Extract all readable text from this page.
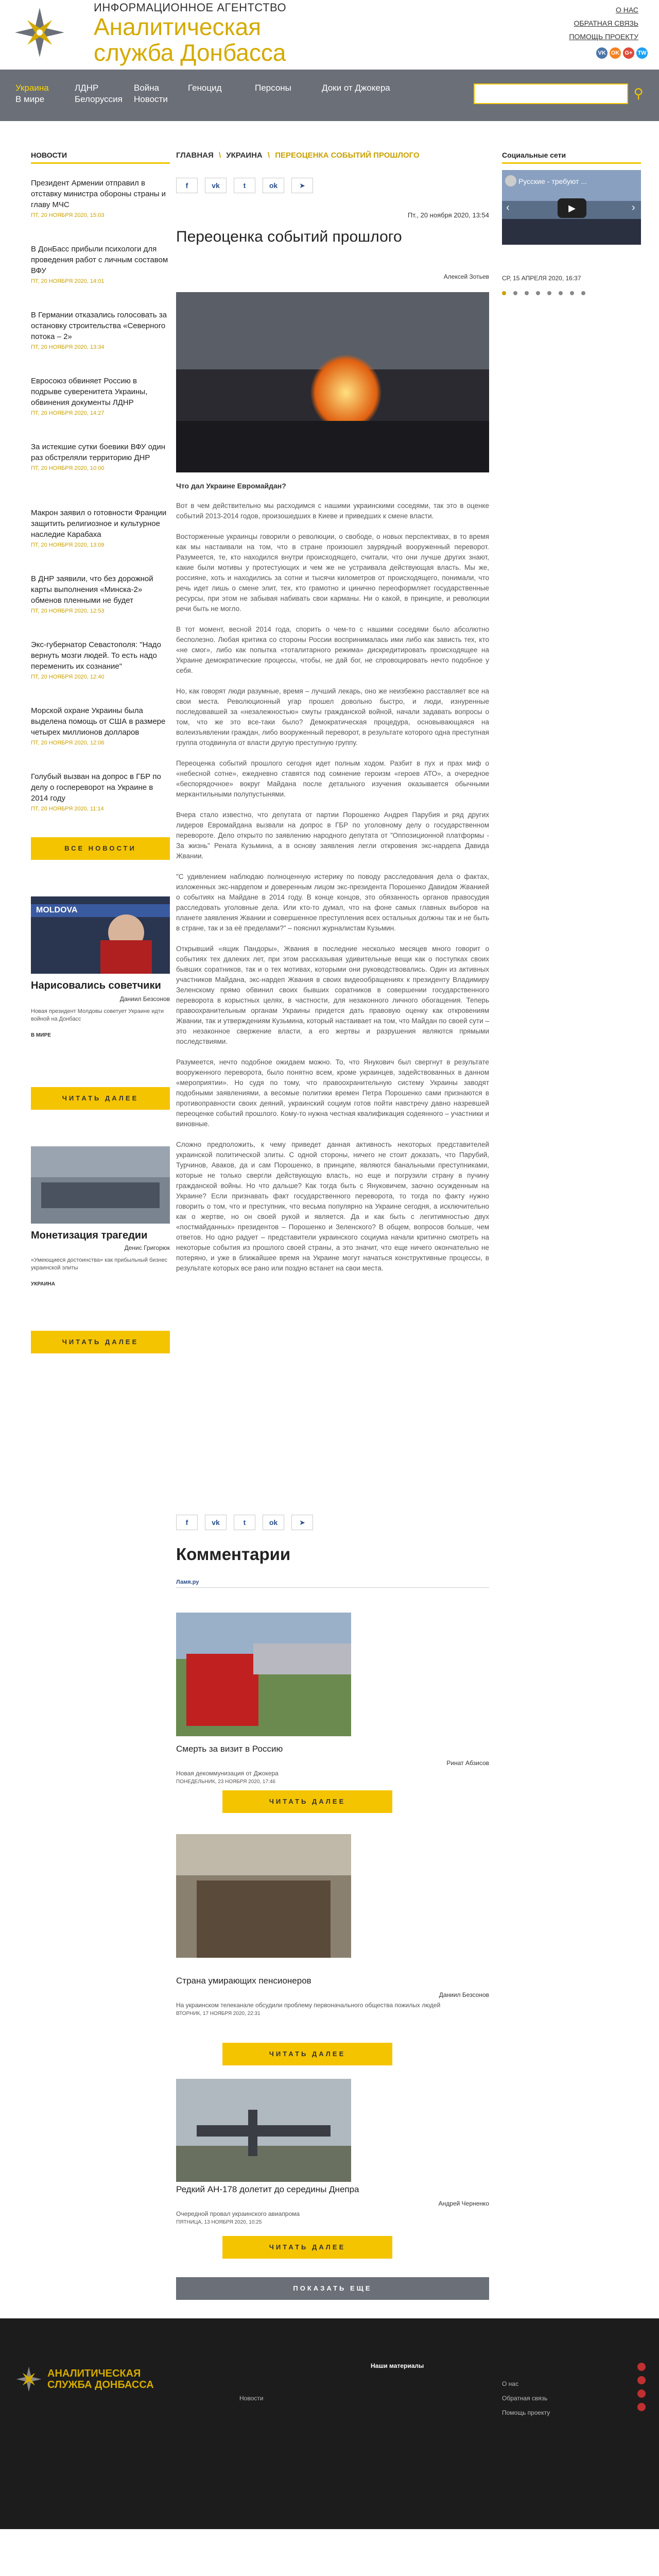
ИНФОРМАЦИОННОЕ АГЕНТСТВО
Аналитическая
служба Донбасса
О НАС
ОБРАТНАЯ СВЯЗЬ
ПОМОЩЬ ПРОЕКТУ
VK OK G+ TW
Украина
В мире
ЛДНР
Белоруссия
Война
Новости
Геноцид	Персоны	Доки от Джокера	⚲
НОВОСТИ
Президент Армении отправил в отставку министра обороны страны и главу МЧС
ПТ, 20 НОЯБРЯ 2020, 15:03
В ДонБасс прибыли психологи для проведения работ с личным составом ВФУ
ПТ, 20 НОЯБРЯ 2020, 14:01
В Германии отказались голосовать за остановку строительства «Северного потока – 2»
ПТ, 20 НОЯБРЯ 2020, 13:34
Евросоюз обвиняет Россию в подрыве суверенитета Украины, обвинения документы ЛДНР
ПТ, 20 НОЯБРЯ 2020, 14:27
За истекшие сутки боевики ВФУ один раз обстреляли территорию ДНР
ПТ, 20 НОЯБРЯ 2020, 10:00
Макрон заявил о готовности Франции защитить религиозное и культурное наследие Карабаха
ПТ, 20 НОЯБРЯ 2020, 13:09
В ДНР заявили, что без дорожной карты выполнения «Минска-2» обменов пленными не будет
ПТ, 20 НОЯБРЯ 2020, 12:53
Экс-губернатор Севастополя: "Надо вернуть мозги людей. То есть надо переменить их сознание"
ПТ, 20 НОЯБРЯ 2020, 12:40
Морской охране Украины была выделена помощь от США в размере четырех миллионов долларов
ПТ, 20 НОЯБРЯ 2020, 12:06
Голубый вызван на допрос в ГБР по делу о госпереворот на Украине в 2014 году
ПТ, 20 НОЯБРЯ 2020, 11:14
ВСЕ НОВОСТИ
MOLDOVA
Нарисовались советчики
Даниил Безсонов
Новая президент Молдовы советует Украине идти войной на Донбасс
В МИРЕ
ЧИТАТЬ ДАЛЕЕ
Монетизация трагедии
Денис Григорюк
«Умеющиеся достоинства» как прибыльный бизнес украинской элиты
УКРАИНА
ЧИТАТЬ ДАЛЕЕ
Социальные сети
Русские - требуют ...
▶
‹	›
СР, 15 АПРЕЛЯ 2020, 16:37
ГЛАВНАЯ \ УКРАИНА \ ПЕРЕОЦЕНКА СОБЫТИЙ ПРОШЛОГО
f	vk	t	ok	➤
Пт., 20 ноября 2020, 13:54
Переоценка событий прошлого
Алексей Зотьев
Что дал Украине Евромайдан?

Вот в чем действительно мы расходимся с нашими украинскими соседями, так это в оценке событий 2013-2014 годов, произошедших в Киеве и приведших к смене власти.

Восторженные украинцы говорили о революции, о свободе, о новых перспективах, в то время как мы настаивали на том, что в стране произошел заурядный вооруженный переворот. Разумеется, те, кто находился внутри происходящего, считали, что они лучше других знают, какие были мотивы у протестующих и чем же не устраивала действующая власть. Мы же, россияне, хоть и находились за сотни и тысячи километров от происходящего, понимали, что речь идет лишь о смене элит, тех, кто грамотно и цинично переоформляет государственные ресурсы, при этом не забывая набивать свои карманы. Ни о какой, в принципе, и революции речи быть не могло.

В тот момент, весной 2014 года, спорить о чем-то с нашими соседями было абсолютно бесполезно. Любая критика со стороны России воспринималась ими либо как зависть тех, кто «не смог», либо как попытка «тоталитарного режима» дискредитировать происходящее на Украине демократические процессы, чтобы, не дай бог, не спровоцировать нечто подобное у себя.

Но, как говорят люди разумные, время – лучший лекарь, оно же неизбежно расставляет все на свои места. Революционный угар прошел довольно быстро, и люди, изнуренные последовавшей за «незалежностью» смуты гражданской войной, начали задавать вопросы о том, что же это все-таки было? Демократическая процедура, основывающаяся на волеизъявлении граждан, либо вооруженный переворот, в результате которого одна преступная группа отодвинула от власти другую преступную группу.

Переоценка событий прошлого сегодня идет полным ходом. Разбит в пух и прах миф о «небесной сотне», ежедневно ставятся под сомнение героизм «героев АТО», а очередное «беспорядочное» вокруг Майдана после детального изучения оказывается обычными меркантильными полупустынями.

Вчера стало известно, что депутата от партии Порошенко Андрея Парубия и ряд других лидеров Евромайдана вызвали на допрос в ГБР по уголовному делу о государственном перевороте. Дело открыто по заявлению народного депутата от "Оппозиционной платформы - За жизнь" Рената Кузьмина, а в основу заявления легли откровения экс-нардепа Давида Жвании.

"С удивлением наблюдаю полноценную истерику по поводу расследования дела о фактах, изложенных экс-нардепом и доверенным лицом экс-президента Порошенко Давидом Жванией о событиях на Майдане в 2014 году. В конце концов, это обязанность органов правосудия расследовать уголовные дела. Или кто-то думал, что на фоне самых главных выборов на планете заявления Жвании и совершенное преступления всех остальных должны так и не быть в стране, так и за её пределами?" – пояснил журналистам Кузьмин.

Открывший «ящик Пандоры», Жвания в последние несколько месяцев много говорит о событиях тех далеких лет, при этом рассказывая удивительные вещи как о поступках своих бывших соратников, так и о тех мотивах, которыми они руководствовались. Один из активных участников Майдана, экс-нардеп Жвания в своих видеообращениях к президенту Владимиру Зеленскому прямо обвинил своих бывших соратников в совершении государственного переворота в корыстных целях, в частности, для незаконного личного обогащения. Теперь правоохранительным органам Украины придется дать правовую оценку как откровениям Жвании, так и утверждениям Кузьмина, который настаивает на том, что Майдан по своей сути – это незаконное свержение власти, а его жертвы и разрушения являются прямыми последствиями.

Разумеется, нечто подобное ожидаем можно. То, что Янукович был свергнут в результате вооруженного переворота, было понятно всем, кроме украинцев, задействованных в данном «мероприятии». Но судя по тому, что правоохранительную систему Украины заводят подобными заявлениями, а весомые политики времен Петра Порошенко сами признаются в противоправности своих деяний, украинский социум готов пойти навстречу давно назревшей переоценке событий прошлого. Кому-то нужна честная квалификация содеянного – участники и виновные.

Сложно предположить, к чему приведет данная активность некоторых представителей украинской политической элиты. С одной стороны, ничего не стоит доказать, что Парубий, Турчинов, Аваков, да и сам Порошенко, в принципе, являются банальными преступниками, которые не только свергли действующую власть, но еще и погрузили страну в пучину гражданской войны. Но что дальше? Как тогда быть с Януковичем, заочно осужденным на Украине? Если признавать факт государственного переворота, то тогда по факту нужно говорить о том, что и преступник, что весьма популярно на Украине сегодня, а исключительно как о жертве, но он своей рукой и является. Да и как быть с легитимностью двух «постмайданных» президентов – Порошенко и Зеленского? В общем, вопросов больше, чем ответов. Но одно радует – представители украинского социума начали критично смотреть на некоторые события из прошлого своей страны, а это значит, что еще ничего окончательно не потеряно, и уже в ближайшее время на Украине могут начаться конструктивные процессы, в результате которых все рано или поздно встанет на свои места.

f	vk	t	ok	➤
Комментарии
Ламя.ру
Смерть за визит в Россию
Ринат Абзисов
Новая декоммунизация от Джокера
ПОНЕДЕЛЬНИК, 23 НОЯБРЯ 2020, 17:46
ЧИТАТЬ ДАЛЕЕ
Страна умирающих пенсионеров
Даниил Безсонов
На украинском телеканале обсудили проблему первоначального общества пожилых людей
ВТОРНИК, 17 НОЯБРЯ 2020, 22:31
ЧИТАТЬ ДАЛЕЕ
Редкий АН-178 долетит до середины Днепра
Андрей Черненко
Очередной провал украинского авиапрома
ПЯТНИЦА, 13 НОЯБРЯ 2020, 10:25
ЧИТАТЬ ДАЛЕЕ
ПОКАЗАТЬ ЕЩЕ
АНАЛИТИЧЕСКАЯ
СЛУЖБА ДОНБАССА
Новости
Наши материалы
О нас
Обратная связь
Помощь проекту
